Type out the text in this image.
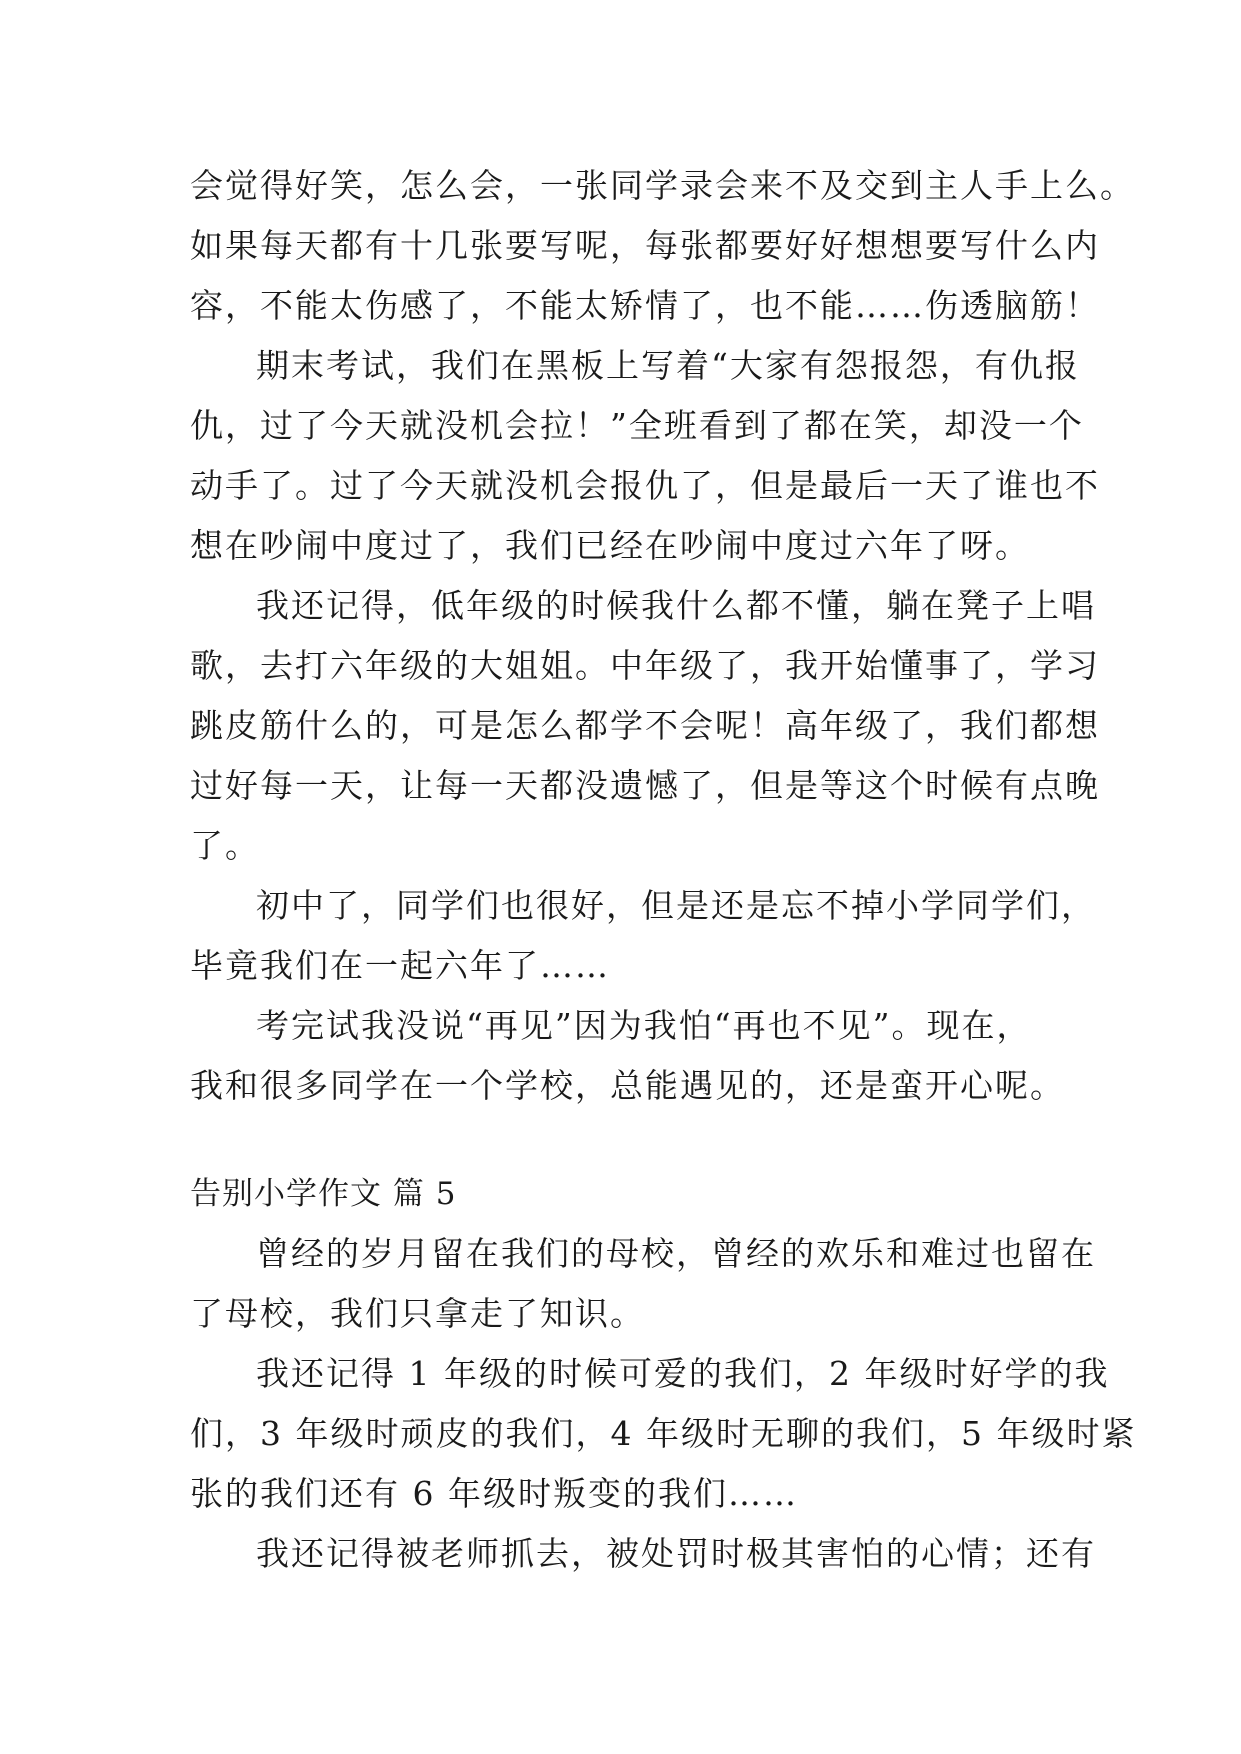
会觉得好笑，怎么会，一张同学录会来不及交到主人手上么。
如果每天都有十几张要写呢，每张都要好好想想要写什么内
容，不能太伤感了，不能太矫情了，也不能……伤透脑筋！
期末考试，我们在黑板上写着“大家有怨报怨，有仇报
仇，过了今天就没机会拉！”全班看到了都在笑，却没一个
动手了。过了今天就没机会报仇了，但是最后一天了谁也不
想在吵闹中度过了，我们已经在吵闹中度过六年了呀。
我还记得，低年级的时候我什么都不懂，躺在凳子上唱
歌，去打六年级的大姐姐。中年级了，我开始懂事了，学习
跳皮筋什么的，可是怎么都学不会呢！高年级了，我们都想
过好每一天，让每一天都没遗憾了，但是等这个时候有点晚
了。
初中了，同学们也很好，但是还是忘不掉小学同学们，
毕竟我们在一起六年了……
考完试我没说“再见”因为我怕“再也不见”。现在，
我和很多同学在一个学校，总能遇见的，还是蛮开心呢。
告别小学作文 篇 5
曾经的岁月留在我们的母校，曾经的欢乐和难过也留在
了母校，我们只拿走了知识。
我还记得 1 年级的时候可爱的我们，2 年级时好学的我
们，3 年级时顽皮的我们，4 年级时无聊的我们，5 年级时紧
张的我们还有 6 年级时叛变的我们……
我还记得被老师抓去，被处罚时极其害怕的心情；还有
